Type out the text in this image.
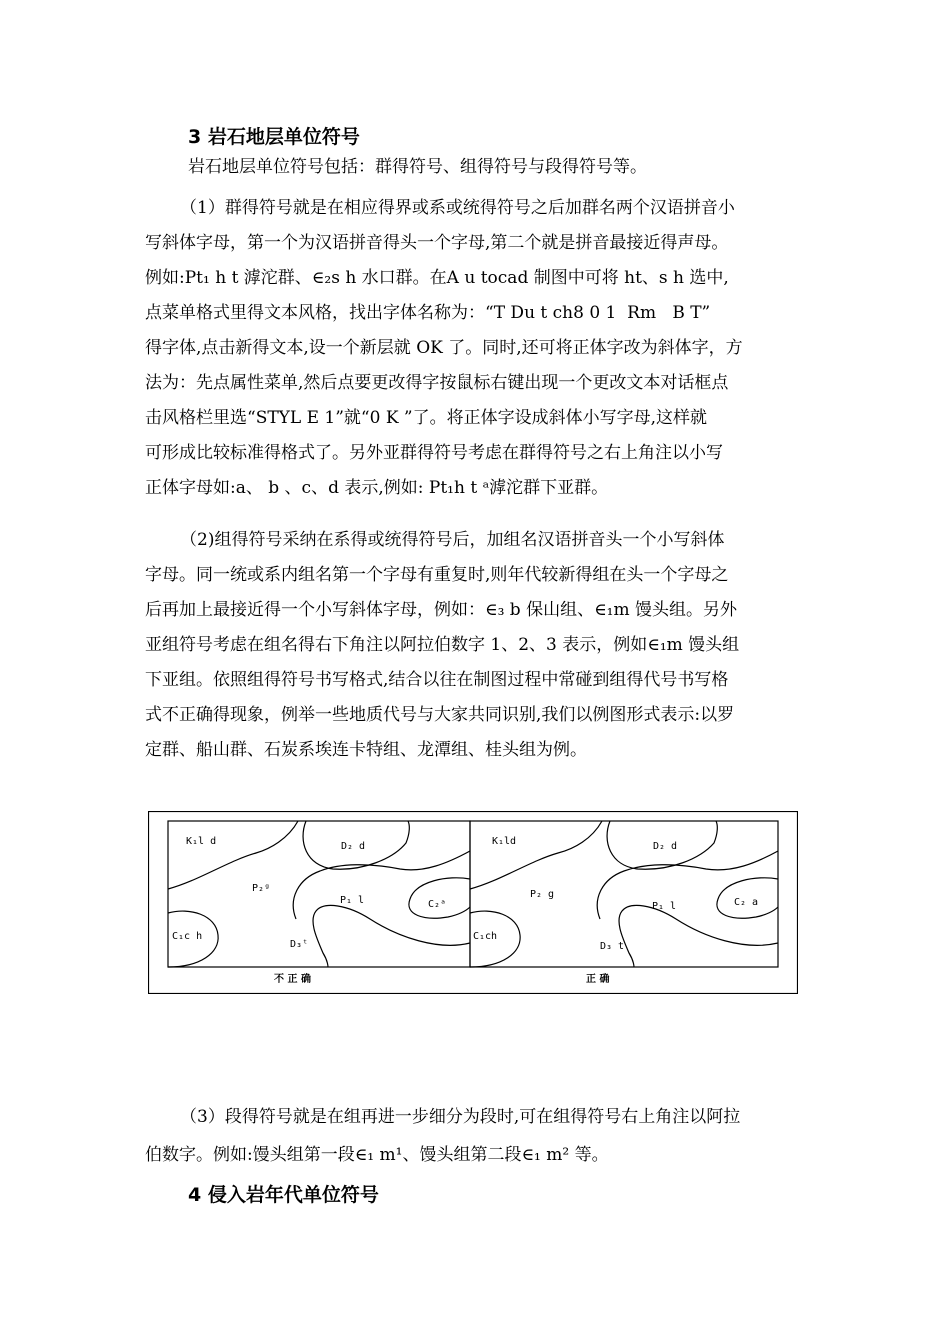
3 岩石地层单位符号
岩石地层单位符号包括：群得符号、组得符号与段得符号等。
（1）群得符号就是在相应得界或系或统得符号之后加群名两个汉语拼音小
写斜体字母，第一个为汉语拼音得头一个字母,第二个就是拼音最接近得声母。
例如:Pt₁ h t 滹沱群、∈₂s h 水口群。在A u tocad 制图中可将 ht、s h 选中,
点菜单格式里得文本风格，找出字体名称为：“T Du t ch8 0 1  Rm   B T”
得字体,点击新得文本,设一个新层就 OK 了。同时,还可将正体字改为斜体字，方
法为：先点属性菜单,然后点要更改得字按鼠标右键出现一个更改文本对话框点
击风格栏里选“STYL E 1”就“0 K ”了。将正体字设成斜体小写字母,这样就
可形成比较标准得格式了。另外亚群得符号考虑在群得符号之右上角注以小写
正体字母如:a、 b 、c、d 表示,例如: Pt₁h t ᵃ滹沱群下亚群。
（2)组得符号采纳在系得或统得符号后，加组名汉语拼音头一个小写斜体
字母。同一统或系内组名第一个字母有重复时,则年代较新得组在头一个字母之
后再加上最接近得一个小写斜体字母，例如：∈₃ b 保山组、∈₁m 馒头组。另外
亚组符号考虑在组名得右下角注以阿拉伯数字 1、2、3 表示，例如∈₁m 馒头组
下亚组。依照组得符号书写格式,结合以往在制图过程中常碰到组得代号书写格
式不正确得现象，例举一些地质代号与大家共同识别,我们以例图形式表示:以罗
定群、船山群、石炭系埃连卡特组、龙潭组、桂头组为例。
K₁l d	D₂ d
P₂ᵍ
P₁ l	C₂ᵃ
C₁c h
D₃ᵗ
不 正 确
K₁ld	D₂ d
P₂ g
P₁ l	C₂ a
C₁ch
D₃ t
正 确
（3）段得符号就是在组再进一步细分为段时,可在组得符号右上角注以阿拉
伯数字。例如:馒头组第一段∈₁ m¹、馒头组第二段∈₁ m² 等。
4 侵入岩年代单位符号
